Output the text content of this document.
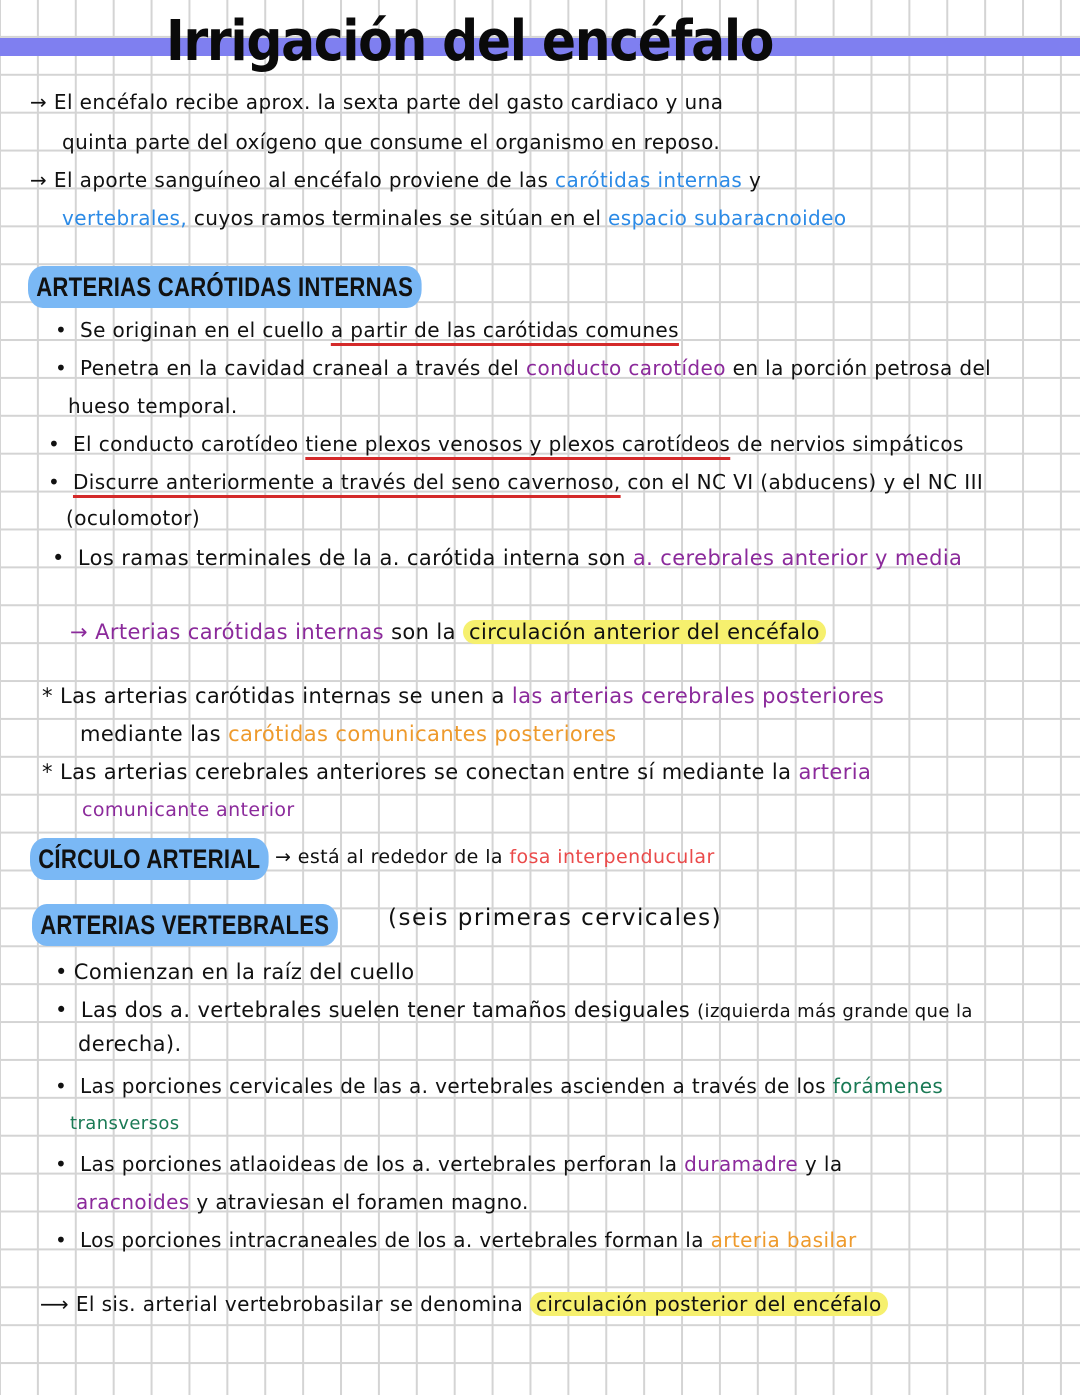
Irrigación del encéfalo
→ El encéfalo recibe aprox. la sexta parte del gasto cardiaco y una
quinta parte del oxígeno que consume el organismo en reposo.
→ El aporte sanguíneo al encéfalo proviene de las carótidas internas y
vertebrales, cuyos ramos terminales se sitúan en el espacio subaracnoideo
ARTERIAS CARÓTIDAS INTERNAS
• Se originan en el cuello a partir de las carótidas comunes
• Penetra en la cavidad craneal a través del conducto carotídeo en la porción petrosa del
hueso temporal.
• El conducto carotídeo tiene plexos venosos y plexos carotídeos de nervios simpáticos
• Discurre anteriormente a través del seno cavernoso, con el NC VI (abducens) y el NC III
(oculomotor)
• Los ramas terminales de la a. carótida interna son a. cerebrales anterior y media
→ Arterias carótidas internas son la circulación anterior del encéfalo
* Las arterias carótidas internas se unen a las arterias cerebrales posteriores
mediante las carótidas comunicantes posteriores
* Las arterias cerebrales anteriores se conectan entre sí mediante la arteria
comunicante anterior
CÍRCULO ARTERIAL → está al rededor de la fosa interpenducular
ARTERIAS VERTEBRALES	(seis primeras cervicales)
• Comienzan en la raíz del cuello
• Las dos a. vertebrales suelen tener tamaños desiguales (izquierda más grande que la
derecha).
• Las porciones cervicales de las a. vertebrales ascienden a través de los forámenes
transversos
• Las porciones atlaoideas de los a. vertebrales perforan la duramadre y la
aracnoides y atraviesan el foramen magno.
• Los porciones intracraneales de los a. vertebrales forman la arteria basilar
⟶ El sis. arterial vertebrobasilar se denomina circulación posterior del encéfalo
